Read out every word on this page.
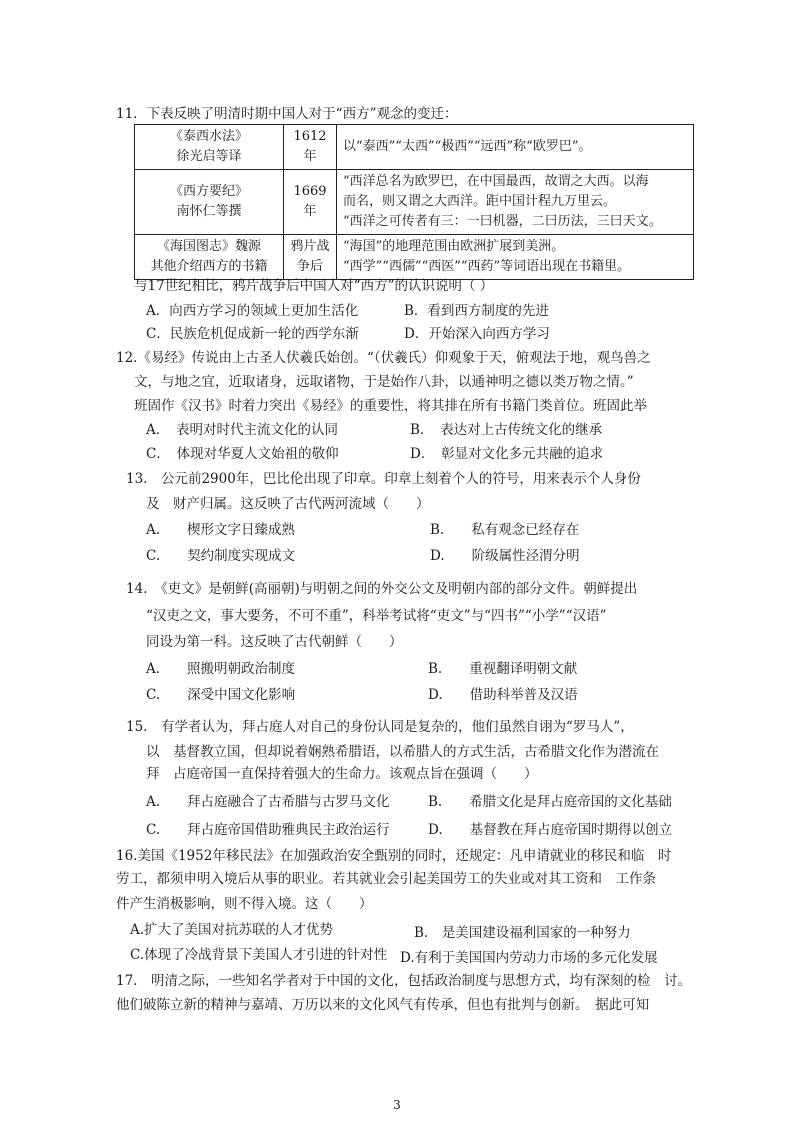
11．下表反映了明清时期中国人对于“西方”观念的变迁：
《泰西水法》
徐光启等译	1612年	以“泰西”“太西”“极西”“远西”称“欧罗巴”。

《西方要纪》
南怀仁等撰	1669年	“西洋总名为欧罗巴，在中国最西，故谓之大西。以海
而名，则又谓之大西洋。距中国计程九万里云。
“西洋之可传者有三：一曰机器，二曰历法，三曰天文。

《海国图志》魏源
其他介绍西方的书籍	鸦片战争后	“海国”的地理范围由欧洲扩展到美洲。
“西学”“西儒”“西医”“西药”等词语出现在书籍里。
与17世纪相比，鸦片战争后中国人对“西方”的认识说明（ ）
A．向西方学习的领域上更加生活化	B．看到西方制度的先进
C．民族危机促成新一轮的西学东渐	D．开始深入向西方学习
12.《易经》传说由上古圣人伏羲氏始创。“（伏羲氏）仰观象于天，俯观法于地，观鸟兽之
文，与地之宜，近取诸身，远取诸物，于是始作八卦，以通神明之德以类万物之情。”
班固作《汉书》时着力突出《易经》的重要性，将其排在所有书籍门类首位。班固此举
A．　表明对时代主流文化的认同	B．　表达对上古传统文化的继承
C．　体现对华夏人文始祖的敬仰	D．　彰显对文化多元共融的追求
13.　公元前2900年，巴比伦出现了印章。印章上刻着个人的符号，用来表示个人身份
及　财产归属。这反映了古代两河流域（　　）
A.　　楔形文字日臻成熟	B.　　私有观念已经存在
C.　　契约制度实现成文	D.　　阶级属性泾渭分明
14.　《吏文》是朝鲜(高丽朝)与明朝之间的外交公文及明朝内部的部分文件。朝鲜提出
“汉吏之文，事大要务，不可不重”，科举考试将“吏文”与“四书”“小学”“汉语”
同设为第一科。这反映了古代朝鲜（　　）
A.　　照搬明朝政治制度	B.　　重视翻译明朝文献
C.　　深受中国文化影响	D.　　借助科举普及汉语
15.　有学者认为，拜占庭人对自己的身份认同是复杂的，他们虽然自诩为“罗马人”，
以　基督教立国，但却说着娴熟希腊语，以希腊人的方式生活，古希腊文化作为潜流在
拜　占庭帝国一直保持着强大的生命力。该观点旨在强调（　　）
A.　　拜占庭融合了古希腊与古罗马文化	B.　　希腊文化是拜占庭帝国的文化基础
C.　　拜占庭帝国借助雅典民主政治运行	D.　　基督教在拜占庭帝国时期得以创立
16.美国《1952年移民法》在加强政治安全甄别的同时，还规定：凡申请就业的移民和临　时
劳工，都须申明入境后从事的职业。若其就业会引起美国劳工的失业或对其工资和　工作条
件产生消极影响，则不得入境。这（　　）
A.扩大了美国对抗苏联的人才优势	B.　是美国建设福利国家的一种努力
C.体现了冷战背景下美国人才引进的针对性 D.有利于美国国内劳动力市场的多元化发展
17.　明清之际，一些知名学者对于中国的文化，包括政治制度与思想方式，均有深刻的检　讨。
他们破陈立新的精神与嘉靖、万历以来的文化风气有传承，但也有批判与创新。　据此可知
3
